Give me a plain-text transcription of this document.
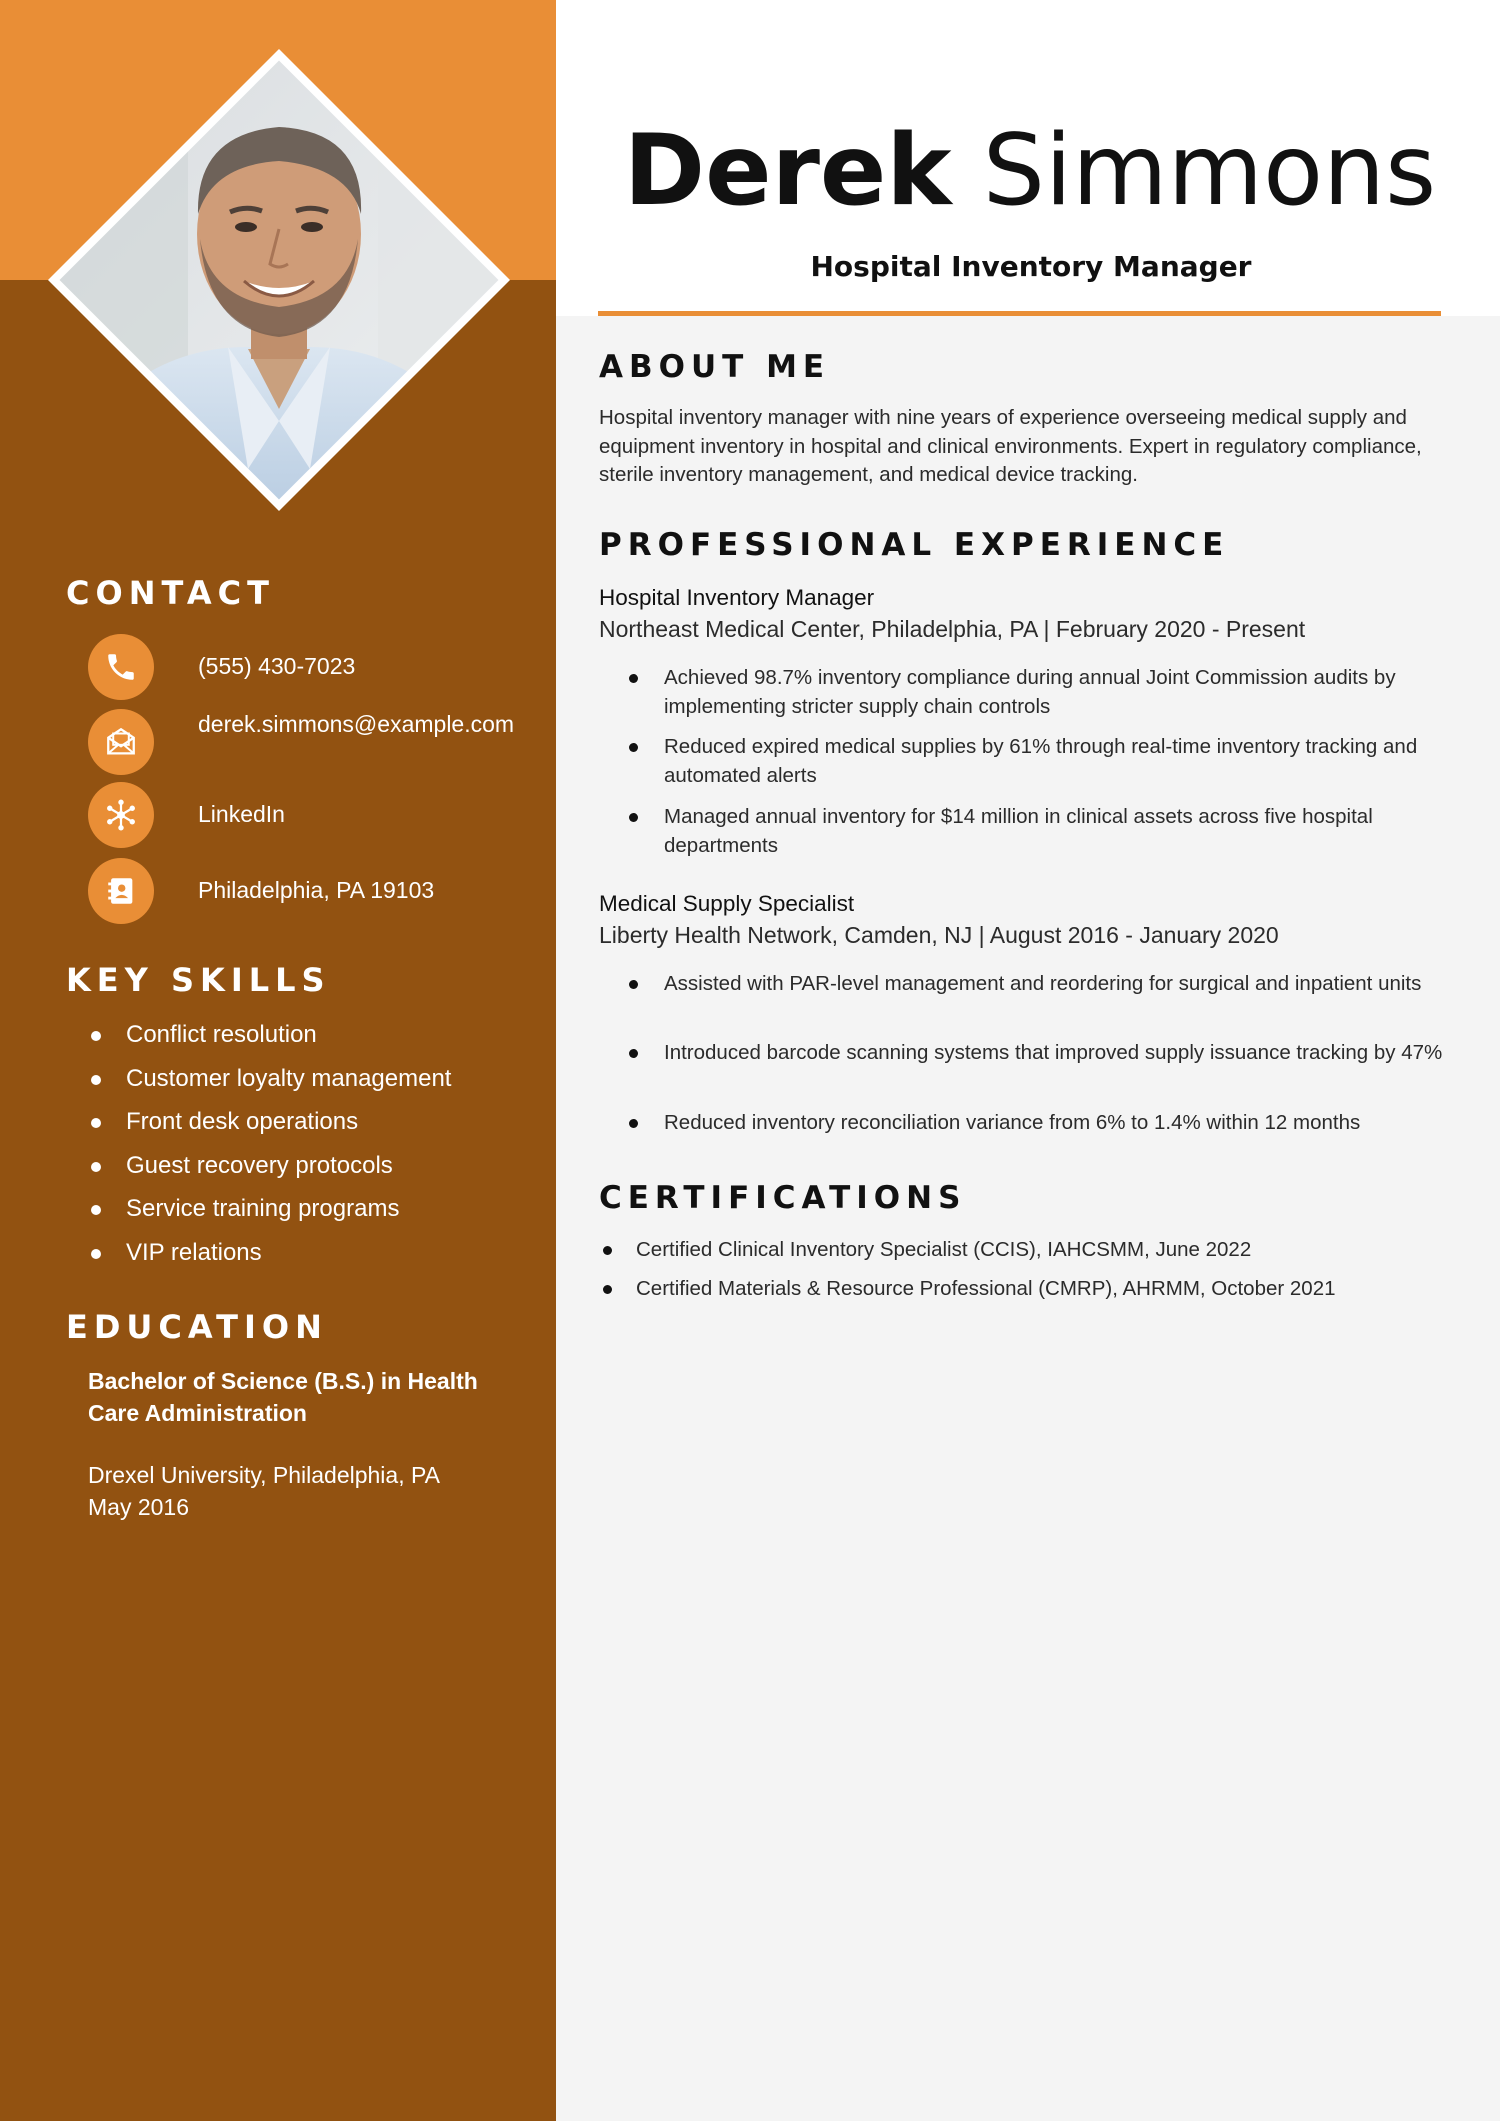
CONTACT
(555) 430-7023
derek.simmons@example.com
LinkedIn
Philadelphia, PA 19103
KEY SKILLS
Conflict resolution
Customer loyalty management
Front desk operations
Guest recovery protocols
Service training programs
VIP relations
EDUCATION
Bachelor of Science (B.S.) in Health Care Administration
Drexel University, Philadelphia, PA
May 2016
Derek Simmons
Hospital Inventory Manager
ABOUT ME
Hospital inventory manager with nine years of experience overseeing medical supply and equipment inventory in hospital and clinical environments. Expert in regulatory compliance, sterile inventory management, and medical device tracking.
PROFESSIONAL EXPERIENCE
Hospital Inventory Manager
Northeast Medical Center, Philadelphia, PA | February 2020 - Present
Achieved 98.7% inventory compliance during annual Joint Commission audits by implementing stricter supply chain controls
Reduced expired medical supplies by 61% through real-time inventory tracking and automated alerts
Managed annual inventory for $14 million in clinical assets across five hospital departments
Medical Supply Specialist
Liberty Health Network, Camden, NJ | August 2016 - January 2020
Assisted with PAR-level management and reordering for surgical and inpatient units
Introduced barcode scanning systems that improved supply issuance tracking by 47%
Reduced inventory reconciliation variance from 6% to 1.4% within 12 months
CERTIFICATIONS
Certified Clinical Inventory Specialist (CCIS), IAHCSMM, June 2022
Certified Materials & Resource Professional (CMRP), AHRMM, October 2021
